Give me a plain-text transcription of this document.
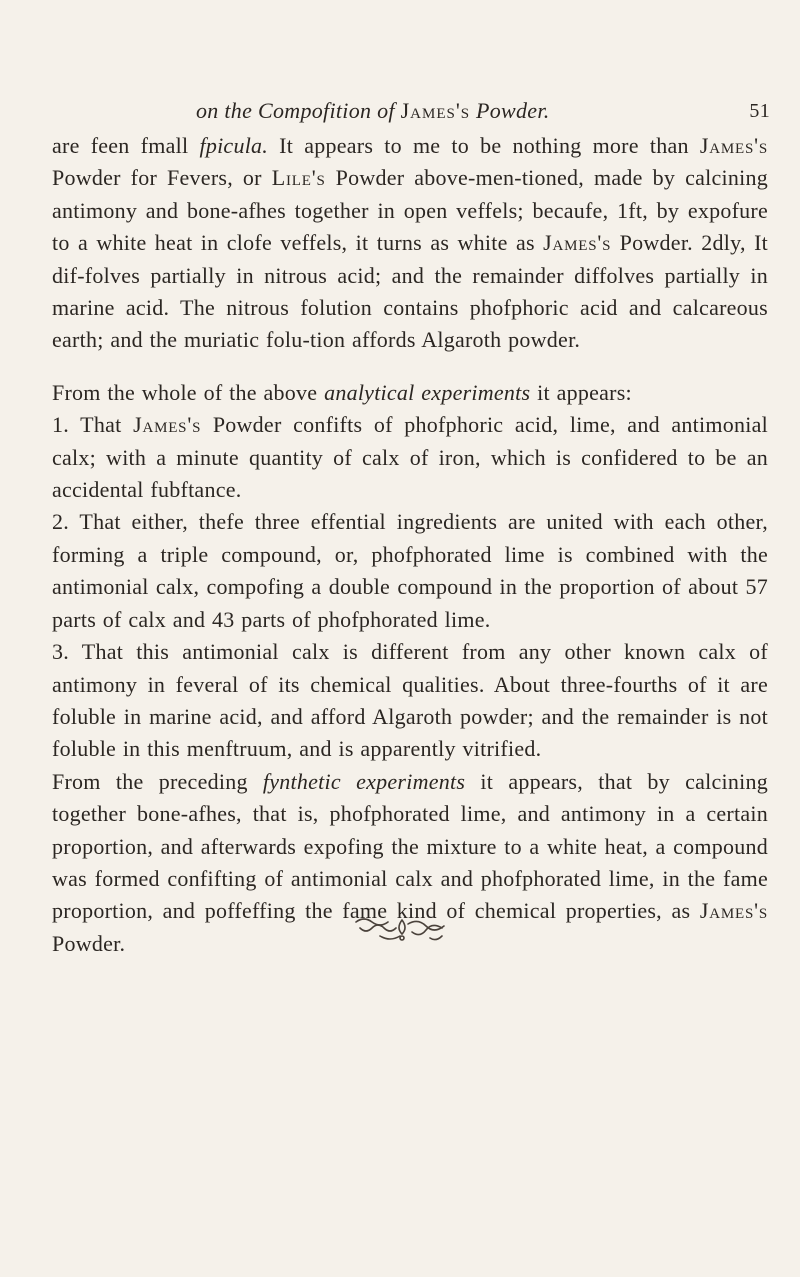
on the Compofition of James's Powder.	51

are feen fmall fpicula. It appears to me to be nothing more than James's Powder for Fevers, or Lile's Powder above-men-tioned, made by calcining antimony and bone-afhes together in open veffels; becaufe, 1ft, by expofure to a white heat in clofe veffels, it turns as white as James's Powder. 2dly, It dif-folves partially in nitrous acid; and the remainder diffolves partially in marine acid. The nitrous folution contains phofphoric acid and calcareous earth; and the muriatic folu-tion affords Algaroth powder.

From the whole of the above analytical experiments it appears:

1. That James's Powder confifts of phofphoric acid, lime, and antimonial calx; with a minute quantity of calx of iron, which is confidered to be an accidental fubftance.

2. That either, thefe three effential ingredients are united with each other, forming a triple compound, or, phofphorated lime is combined with the antimonial calx, compofing a double compound in the proportion of about 57 parts of calx and 43 parts of phofphorated lime.

3. That this antimonial calx is different from any other known calx of antimony in feveral of its chemical qualities. About three-fourths of it are foluble in marine acid, and afford Algaroth powder; and the remainder is not foluble in this menftruum, and is apparently vitrified.

From the preceding fynthetic experiments it appears, that by calcining together bone-afhes, that is, phofphorated lime, and antimony in a certain proportion, and afterwards expofing the mixture to a white heat, a compound was formed confifting of antimonial calx and phofphorated lime, in the fame proportion, and poffeffing the fame kind of chemical properties, as James's Powder.
